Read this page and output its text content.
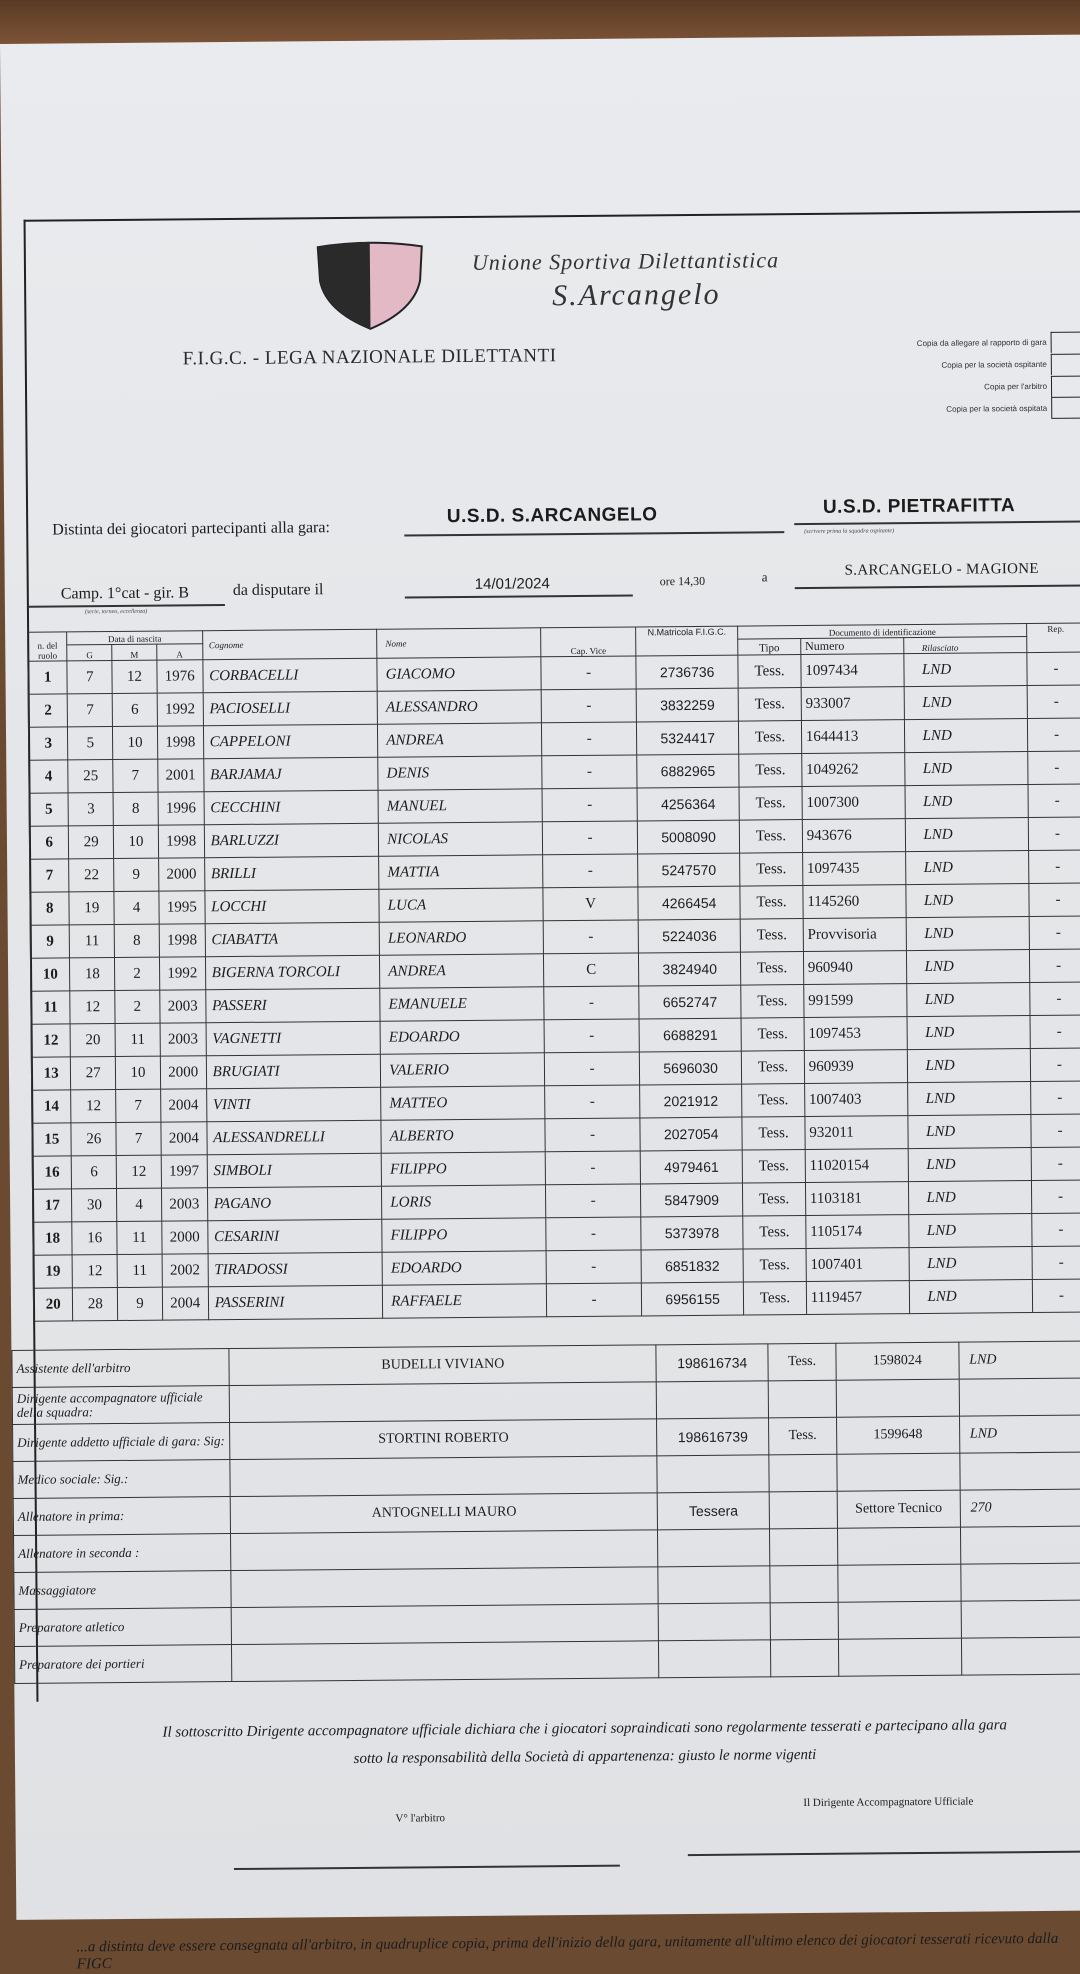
Unione Sportiva Dilettantistica
S.Arcangelo
F.I.G.C. - LEGA NAZIONALE DILETTANTI
Copia da allegare al rapporto di gara
Copia per la società ospitante
Copia per l'arbitro
Copia per la società ospitata
Distinta dei giocatori partecipanti alla gara:
U.S.D. S.ARCANGELO	U.S.D. PIETRAFITTA
(scrivere prima la squadra ospitante)
Camp. 1°cat - gir. B
(serie, torneo, eccellenza)
da disputare il	14/01/2024	ore 14,30	a	S.ARCANGELO - MAGIONE
n. del ruolo	Data di nascita			Cognome	Nome	Cap. Vice	N.Matricola F.I.G.C.	Documento di identificazione			Rep.
	G	M	A					Tipo	Numero	Rilasciato	
1	7	12	1976	CORBACELLI	GIACOMO	-	2736736	Tess.	1097434	LND	-
2	7	6	1992	PACIOSELLI	ALESSANDRO	-	3832259	Tess.	933007	LND	-
3	5	10	1998	CAPPELONI	ANDREA	-	5324417	Tess.	1644413	LND	-
4	25	7	2001	BARJAMAJ	DENIS	-	6882965	Tess.	1049262	LND	-
5	3	8	1996	CECCHINI	MANUEL	-	4256364	Tess.	1007300	LND	-
6	29	10	1998	BARLUZZI	NICOLAS	-	5008090	Tess.	943676	LND	-
7	22	9	2000	BRILLI	MATTIA	-	5247570	Tess.	1097435	LND	-
8	19	4	1995	LOCCHI	LUCA	V	4266454	Tess.	1145260	LND	-
9	11	8	1998	CIABATTA	LEONARDO	-	5224036	Tess.	Provvisoria	LND	-
10	18	2	1992	BIGERNA TORCOLI	ANDREA	C	3824940	Tess.	960940	LND	-
11	12	2	2003	PASSERI	EMANUELE	-	6652747	Tess.	991599	LND	-
12	20	11	2003	VAGNETTI	EDOARDO	-	6688291	Tess.	1097453	LND	-
13	27	10	2000	BRUGIATI	VALERIO	-	5696030	Tess.	960939	LND	-
14	12	7	2004	VINTI	MATTEO	-	2021912	Tess.	1007403	LND	-
15	26	7	2004	ALESSANDRELLI	ALBERTO	-	2027054	Tess.	932011	LND	-
16	6	12	1997	SIMBOLI	FILIPPO	-	4979461	Tess.	11020154	LND	-
17	30	4	2003	PAGANO	LORIS	-	5847909	Tess.	1103181	LND	-
18	16	11	2000	CESARINI	FILIPPO	-	5373978	Tess.	1105174	LND	-
19	12	11	2002	TIRADOSSI	EDOARDO	-	6851832	Tess.	1007401	LND	-
20	28	9	2004	PASSERINI	RAFFAELE	-	6956155	Tess.	1119457	LND	-
Assistente dell'arbitro	BUDELLI VIVIANO	198616734	Tess.	1598024	LND
Dirigente accompagnatore ufficiale della squadra:					
Dirigente addetto ufficiale di gara: Sig:	STORTINI ROBERTO	198616739	Tess.	1599648	LND
Medico sociale: Sig.:					
Allenatore in prima:	ANTOGNELLI MAURO	Tessera		Settore Tecnico	270
Allenatore in seconda :					
Massaggiatore					
Preparatore atletico					
Preparatore dei portieri					
Il sottoscritto Dirigente accompagnatore ufficiale dichiara che i giocatori sopraindicati sono regolarmente tesserati e partecipano alla gara
sotto la responsabilità della Società di appartenenza: giusto le norme vigenti
V° l'arbitro
Il Dirigente Accompagnatore Ufficiale
...a distinta deve essere consegnata all'arbitro, in quadruplice copia, prima dell'inizio della gara, unitamente all'ultimo elenco dei giocatori tesserati ricevuto dalla FIGC
